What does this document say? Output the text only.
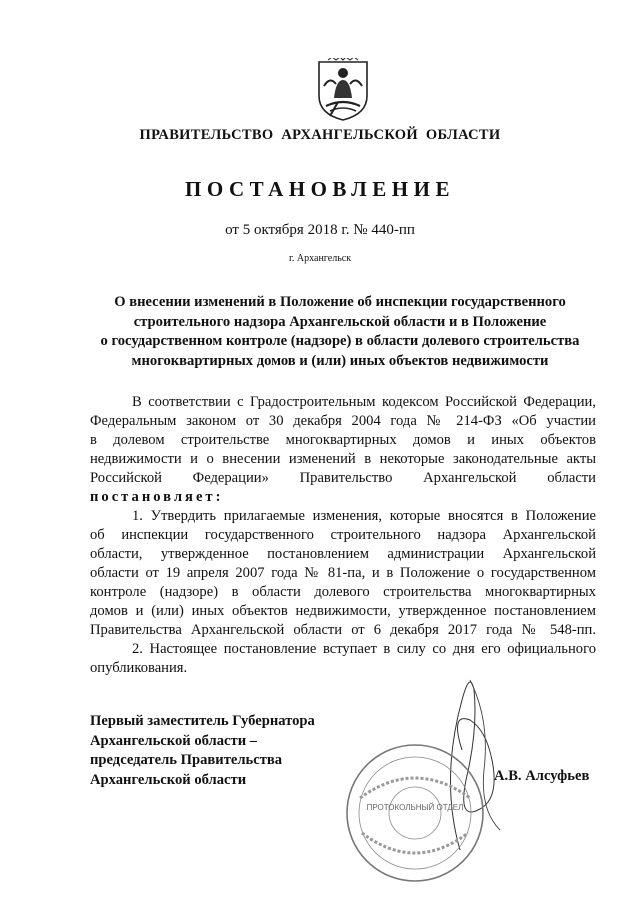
ПРАВИТЕЛЬСТВО АРХАНГЕЛЬСКОЙ ОБЛАСТИ
ПОСТАНОВЛЕНИЕ
от 5 октября 2018 г. № 440-пп
г. Архангельск
О внесении изменений в Положение об инспекции государственного
строительного надзора Архангельской области и в Положение
о государственном контроле (надзоре) в области долевого строительства
многоквартирных домов и (или) иных объектов недвижимости
В соответствии с Градостроительным кодексом Российской Федерации,
Федеральным законом от 30 декабря 2004 года № 214-ФЗ «Об участии
в долевом строительстве многоквартирных домов и иных объектов
недвижимости и о внесении изменений в некоторые законодательные акты
Российской Федерации» Правительство Архангельской области
постановляет:
1. Утвердить прилагаемые изменения, которые вносятся в Положение
об инспекции государственного строительного надзора Архангельской
области, утвержденное постановлением администрации Архангельской
области от 19 апреля 2007 года № 81-па, и в Положение о государственном
контроле (надзоре) в области долевого строительства многоквартирных
домов и (или) иных объектов недвижимости, утвержденное постановлением
Правительства Архангельской области от 6 декабря 2017 года № 548-пп.
2. Настоящее постановление вступает в силу со дня его официального
опубликования.
Первый заместитель Губернатора
Архангельской области –
председатель Правительства
Архангельской области
ПРОТОКОЛЬНЫЙ ОТДЕЛ
А.В. Алсуфьев
